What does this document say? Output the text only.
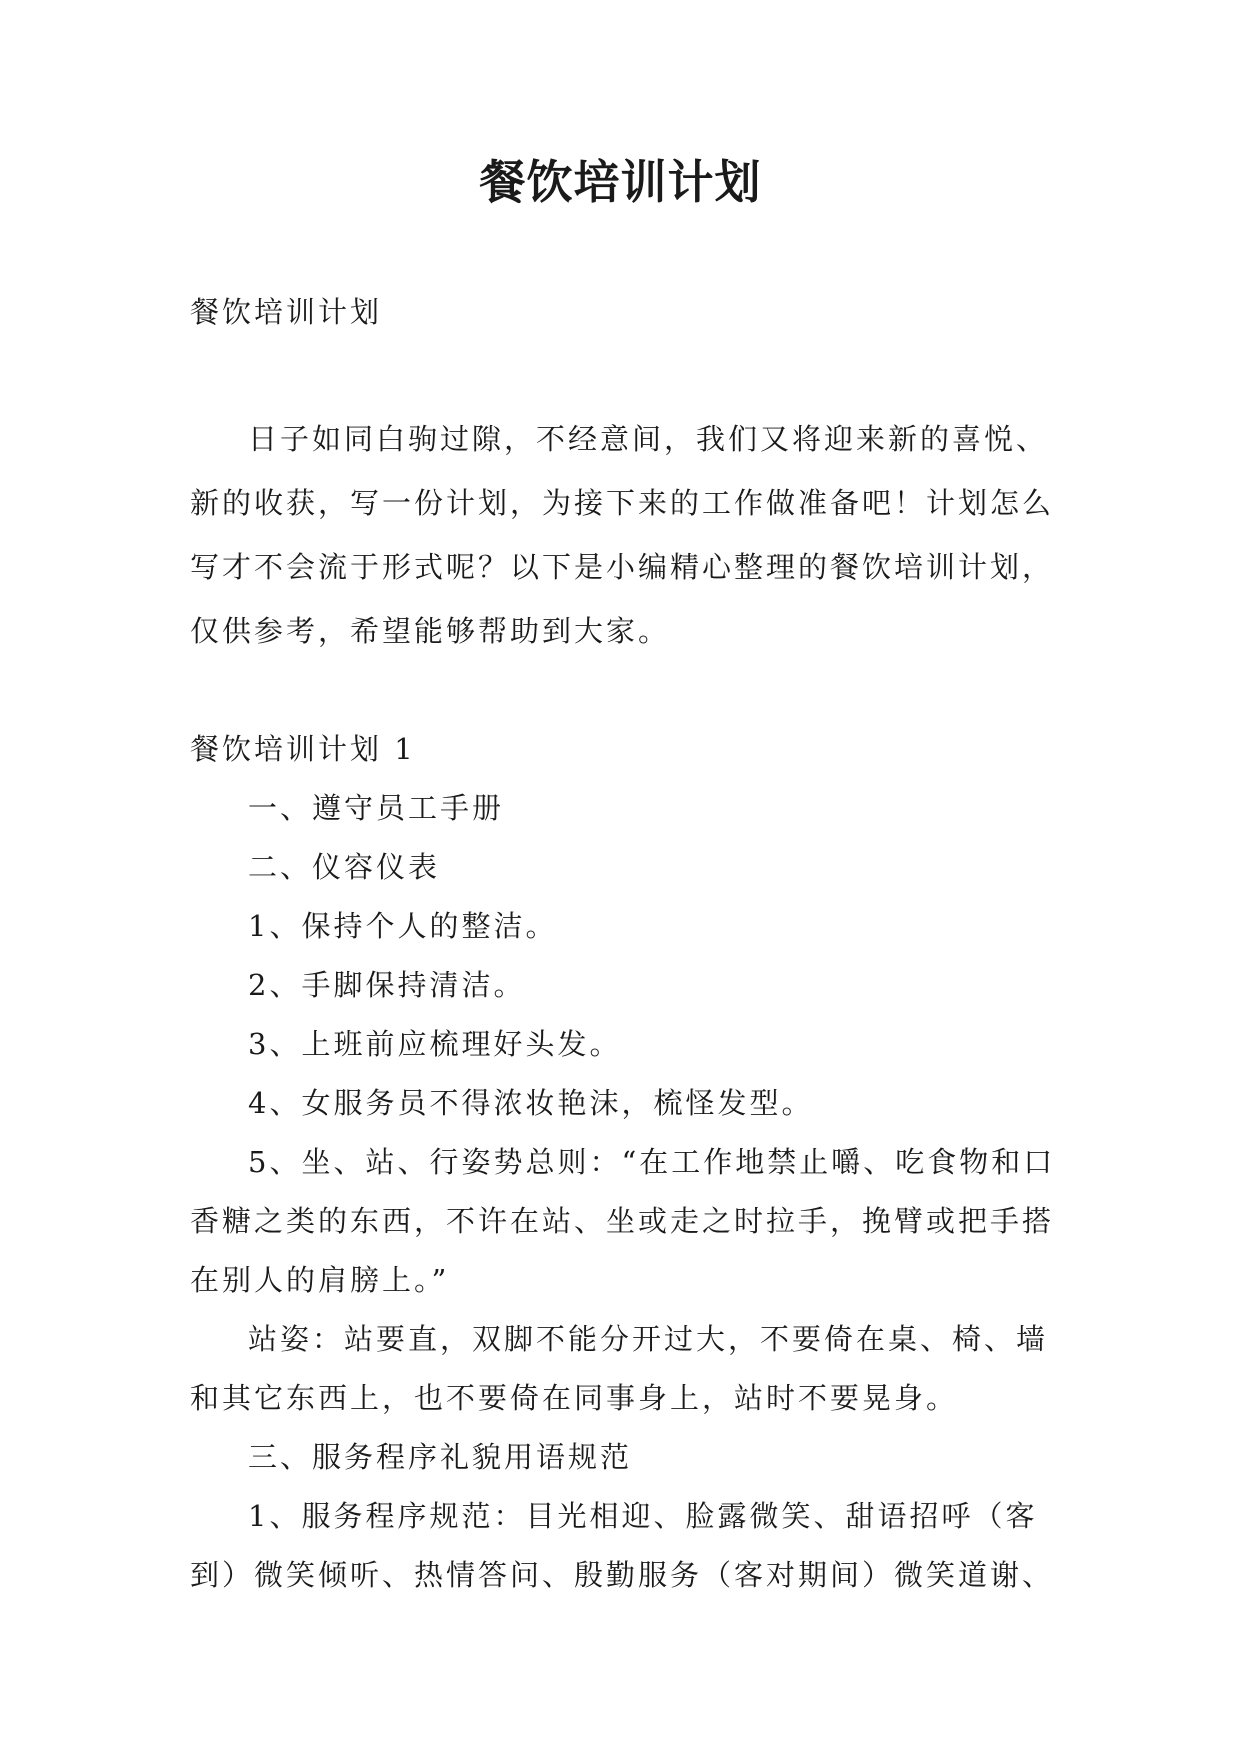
餐饮培训计划

餐饮培训计划

日子如同白驹过隙，不经意间，我们又将迎来新的喜悦、新的收获，写一份计划，为接下来的工作做准备吧！计划怎么写才不会流于形式呢？以下是小编精心整理的餐饮培训计划，仅供参考，希望能够帮助到大家。

餐饮培训计划 1

一、遵守员工手册

二、仪容仪表

1、保持个人的整洁。

2、手脚保持清洁。

3、上班前应梳理好头发。

4、女服务员不得浓妆艳沫，梳怪发型。

5、坐、站、行姿势总则：“在工作地禁止嚼、吃食物和口香糖之类的东西，不许在站、坐或走之时拉手，挽臂或把手搭在别人的肩膀上。”

站姿：站要直，双脚不能分开过大，不要倚在桌、椅、墙和其它东西上，也不要倚在同事身上，站时不要晃身。

三、服务程序礼貌用语规范

1、服务程序规范：目光相迎、脸露微笑、甜语招呼（客到）微笑倾听、热情答问、殷勤服务（客对期间）微笑道谢、
